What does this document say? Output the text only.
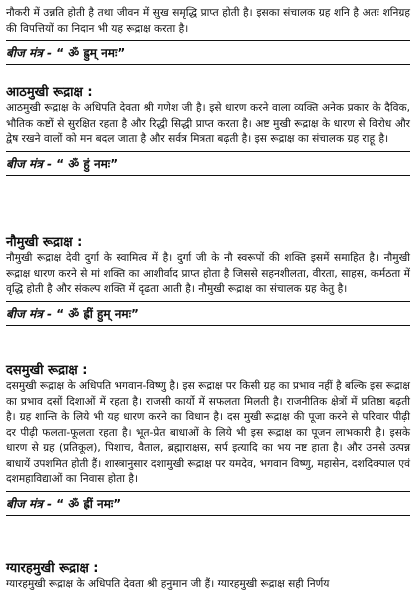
नौकरी में उन्नति होती है तथा जीवन में सुख समृद्धि प्राप्त होती है। इसका संचालक ग्रह शनि है अतः शनिग्रह की विपत्तियों का निदान भी यह रूद्राक्ष करता है।

बीज मंत्र - “ ॐ ह्रुम् नमः”

आठमुखी रूद्राक्ष :

आठमुखी रूद्राक्ष के अधिपति देवता श्री गणेश जी है। इसे धारण करने वाला व्यक्ति अनेक प्रकार के दैविक, भौतिक कष्टों से सुरक्षित रहता है और रिद्धी सिद्धी प्राप्त करता है। अष्ट मुखी रूद्राक्ष के धारण से विरोध और द्वेष रखने वालों को मन बदल जाता है और सर्वत्र मित्रता बढ़ती है। इस रूद्राक्ष का संचालक ग्रह राहू है।

बीज मंत्र - “ ॐ हुं नमः”

नौमुखी रूद्राक्ष :

नौमुखी रूद्राक्ष देवी दुर्गा के स्वामित्व में है। दुर्गा जी के नौ स्वरूपों की शक्ति इसमें समाहित है। नौमुखी रूद्राक्ष धारण करने से मां शक्ति का आशीर्वाद प्राप्त होता है जिससे सहनशीलता, वीरता, साहस, कर्मठता में वृद्धि होती है और संकल्प शक्ति में दृढता आती है। नौमुखी रूद्राक्ष का संचालक ग्रह केतु है।

बीज मंत्र - “ ॐ ह्रीं हुम् नमः”

दसमुखी रूद्राक्ष :

दसमुखी रूद्राक्ष के अधिपति भगवान-विष्णु है। इस रूद्राक्ष पर किसी ग्रह का प्रभाव नहीं है बल्कि इस रूद्राक्ष का प्रभाव दसों दिशाओं में रहता है। राजसी कार्यो में सफलता मिलती है। राजनीतिक क्षेत्रों में प्रतिष्ठा बढ़ती है। ग्रह शान्ति के लिये भी यह धारण करने का विधान है। दस मुखी रूद्राक्ष की पूजा करने से परिवार पीढ़ी दर पीढ़ी फलता-फूलता रहता है। भूत-प्रेत बाधाओं के लिये भी इस रूद्राक्ष का पूजन लाभकारी है। इसके धारण से ग्रह (प्रतिकूल), पिशाच, वैताल, ब्रह्माराक्षस, सर्प इत्यादि का भय नष्ट हाता है। और उनसे उत्पन्न बाधायें उपशमित होती हैं। शास्त्रानुसार दशामुखी रूद्राक्ष पर यमदेव, भगवान विष्णु, महासेन, दशदिक्पाल एवं दशमहाविद्याओं का निवास होता है।

बीज मंत्र - “ ॐ ह्रीं नमः”

ग्यारहमुखी रूद्राक्ष :

ग्यारहमुखी रूद्राक्ष के अधिपति देवता श्री हनुमान जी हैं। ग्यारहमुखी रूद्राक्ष सही निर्णय
